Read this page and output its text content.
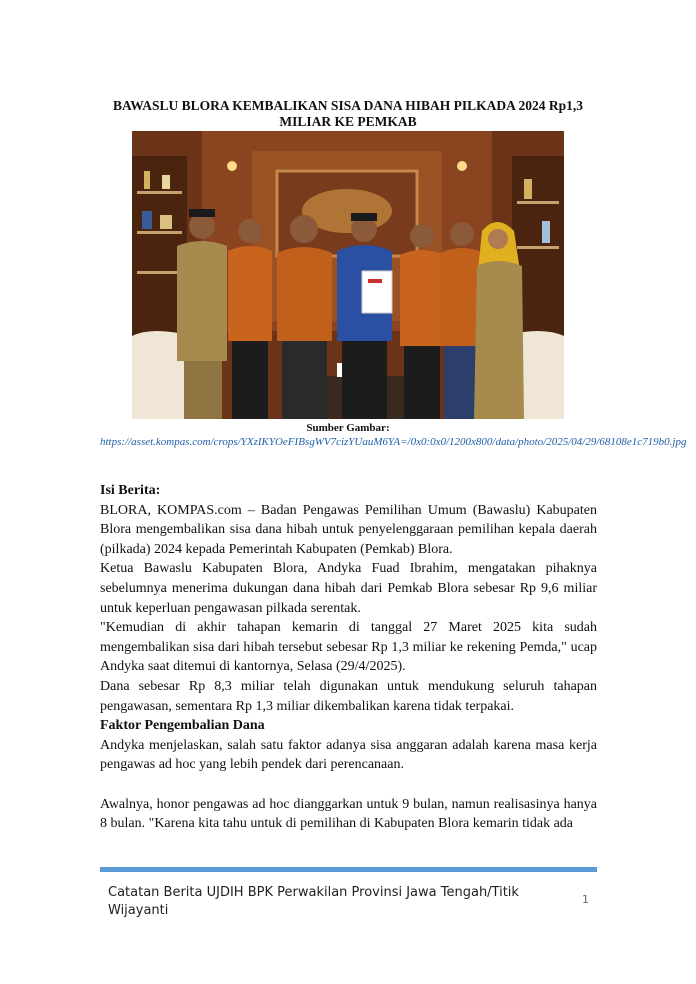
BAWASLU BLORA KEMBALIKAN SISA DANA HIBAH PILKADA 2024 Rp1,3 MILIAR KE PEMKAB
Sumber Gambar:
https://asset.kompas.com/crops/YXzIKYOeFIBsgWV7cizYUauM6YA=/0x0:0x0/1200x800/data/photo/2025/04/29/68108e1c719b0.jpg

Isi Berita:

BLORA, KOMPAS.com – Badan Pengawas Pemilihan Umum (Bawaslu) Kabupaten Blora mengembalikan sisa dana hibah untuk penyelenggaraan pemilihan kepala daerah (pilkada) 2024 kepada Pemerintah Kabupaten (Pemkab) Blora.

Ketua Bawaslu Kabupaten Blora, Andyka Fuad Ibrahim, mengatakan pihaknya sebelumnya menerima dukungan dana hibah dari Pemkab Blora sebesar Rp 9,6 miliar untuk keperluan pengawasan pilkada serentak.

"Kemudian di akhir tahapan kemarin di tanggal 27 Maret 2025 kita sudah mengembalikan sisa dari hibah tersebut sebesar Rp 1,3 miliar ke rekening Pemda," ucap Andyka saat ditemui di kantornya, Selasa (29/4/2025).

Dana sebesar Rp 8,3 miliar telah digunakan untuk mendukung seluruh tahapan pengawasan, sementara Rp 1,3 miliar dikembalikan karena tidak terpakai.

Faktor Pengembalian Dana

Andyka menjelaskan, salah satu faktor adanya sisa anggaran adalah karena masa kerja pengawas ad hoc yang lebih pendek dari perencanaan.

Awalnya, honor pengawas ad hoc dianggarkan untuk 9 bulan, namun realisasinya hanya 8 bulan. "Karena kita tahu untuk di pemilihan di Kabupaten Blora kemarin tidak ada

Catatan Berita UJDIH BPK Perwakilan Provinsi Jawa Tengah/Titik Wijayanti
1
